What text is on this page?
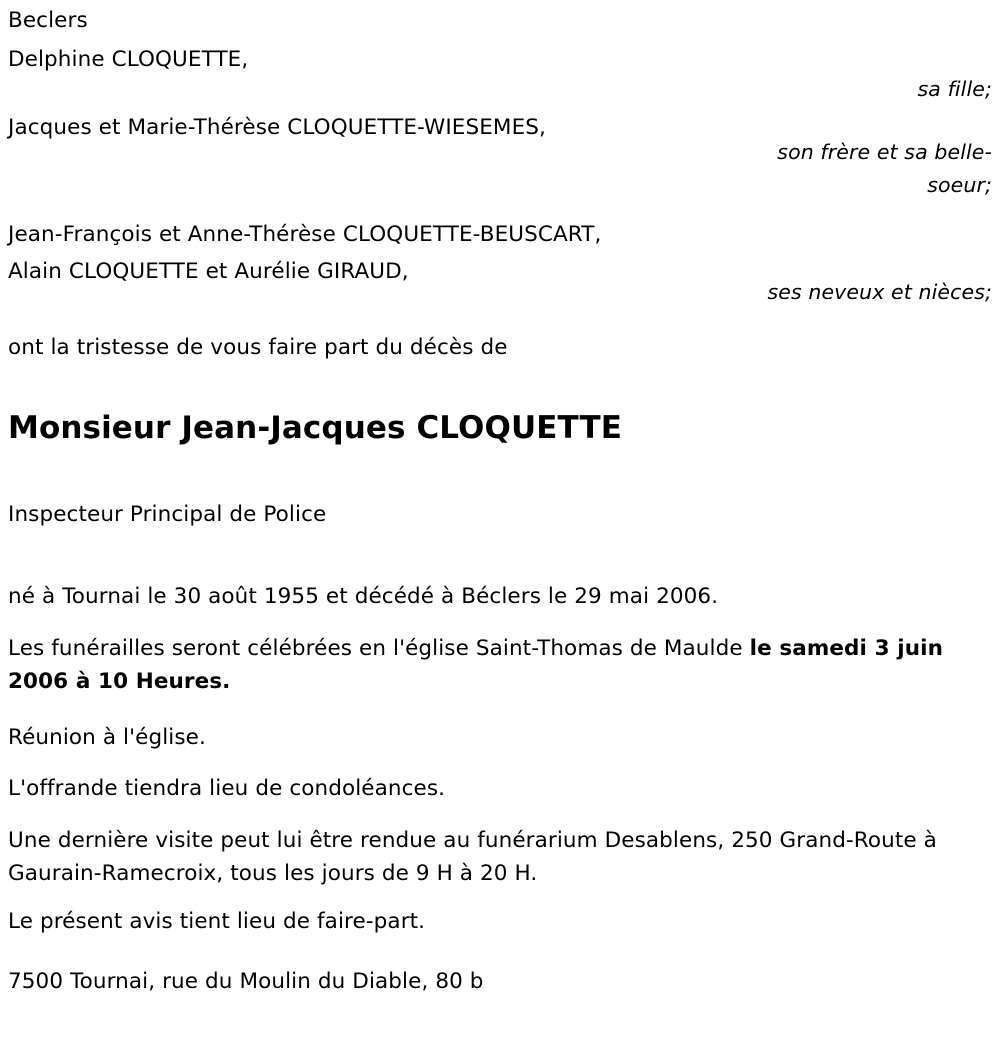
Beclers
Delphine CLOQUETTE,
sa fille;
Jacques et Marie-Thérèse CLOQUETTE-WIESEMES,
son frère et sa belle-soeur;
Jean-François et Anne-Thérèse CLOQUETTE-BEUSCART,
Alain CLOQUETTE et Aurélie GIRAUD,
ses neveux et nièces;
ont la tristesse de vous faire part du décès de
Monsieur Jean-Jacques CLOQUETTE
Inspecteur Principal de Police
né à Tournai le 30 août 1955 et décédé à Béclers le 29 mai 2006.
Les funérailles seront célébrées en l'église Saint-Thomas de Maulde le samedi 3 juin 2006 à 10 Heures.
Réunion à l'église.
L'offrande tiendra lieu de condoléances.
Une dernière visite peut lui être rendue au funérarium Desablens, 250 Grand-Route à Gaurain-Ramecroix, tous les jours de 9 H à 20 H.
Le présent avis tient lieu de faire-part.
7500 Tournai, rue du Moulin du Diable, 80 b
